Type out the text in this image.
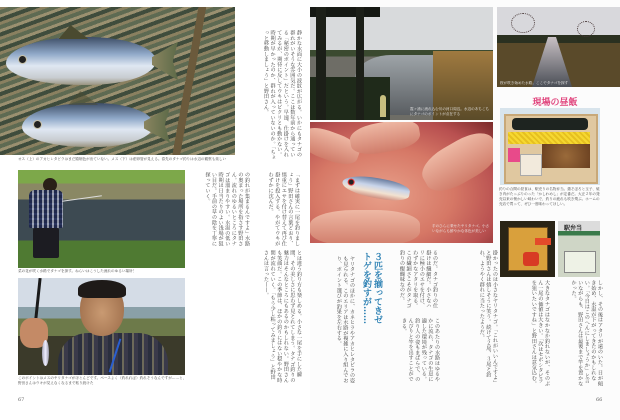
オス（上）のアカヒレタビラはまだ婚姻色が出ていない。メス（下）は産卵管が見える。春先のタナゴ釣りは水辺の観察も楽しい
静かな水面に大小の波紋が広がる。いかにもタナゴの群れがいそうな雰囲気だ。ここは数年前から通っている「秘密のポイント」だという。早速、仕掛けを入れてみるが、期待に反してウキはピクリとも動かない。時期が早かったのか、群れが入っていないのか。「ちょっと移動しましょう」と野田さん。
菜の花が咲く水路でタナゴを探す。ねらいはこうした流れのゆるい場所！
の釣れが集まるんですよ」水路の奥まった場所を指さす野田さん。流れのゆるいところにタナゴは溜まりやすい。水温の低い時期は日当たりのよい浅場が狙い目だ。手前の草の陰を丁寧に探っていく。	「まずは確実に一尾を釣りましょう」野田さんの言葉どおり、慎重にエサを付け替えて再び仕掛けを投入する。やがてウキがわずかに沈んだ。
このポイントはメスのヤリタナゴがほとんどです。ペースよく（釣れれば）釣れそうなんですが……と、野田さんはウキが見えなくなるまで粘り続けた
とは違う釣り方も楽しめる。小さな一尾を手にした瞬間、その美しさに思わず見とれてしまう。タナゴ釣りの魅力はそんなところにもあるのかもしれない。野田さんも笑顔だ。この季節は、ほかの釣りにはない穏やかな時間が流れていく。「もう少し粘ってみましょう」と野田さんは言った——。
67
霞ヶ浦に流れ込む川の河口周辺。水辺のあちこちにタナゴのポイントが点在する
手のひらに乗せたヤリタナゴ。小さいながらも鮮やかな体色が美しい
桜が咲き始めた水路。ここでタナゴを探す
現場の昼飯
釣りの合間の昼食は、駅売りの名物弁当。鶏そぼろと玉子、焼き肉がたっぷりのった「かしわめし」が定番だ。大正２年の発売以来の懐かしい味わいで、釣りの疲れも吹き飛ぶ。ホームの売店で買って、ぜひ一度味わってほしい。
駅弁当
３匹を揃ってきゼトゲを釣すが……	るのだ。タナゴ釣りの仕掛けは繊細だ。小さなハリに極小のエサを付け、わずかなアタリを取る。この繊細さこそがタナゴ釣りの醍醐味なのだ。
ヤリタナゴのほかに、カネヒラやアカヒレタビラの姿も見られる。このエリアは水路が複雑に入り組んでおり、ポイント選びが釣果を左右する。
このあたりの水路はゆるやかに流れ、タナゴの生息に適した環境が残っている。釣り人の姿もまばらで、のんびりと竿を出すことができる。	掛かったのは小さなヤリタナゴ。「これがいいんですよ」と野田さんは嬉しそうに笑う。続けて２尾、３尾と釣れ、ようやく群れに当たったようだ。	大きなタナゴはなかなか釣れないが、そのぶん一尾の価値は大きい。「次はセボシタビラを狙いたいですね」と野田さんは意気込む。	しかし、その後はアタリが遠のいた。日が傾き始め、水温が下がってきたのかもしれない。「今日はこのへんにしましょうか」と言いながらも、野田さんは最後まで竿を置かなかった。
66
